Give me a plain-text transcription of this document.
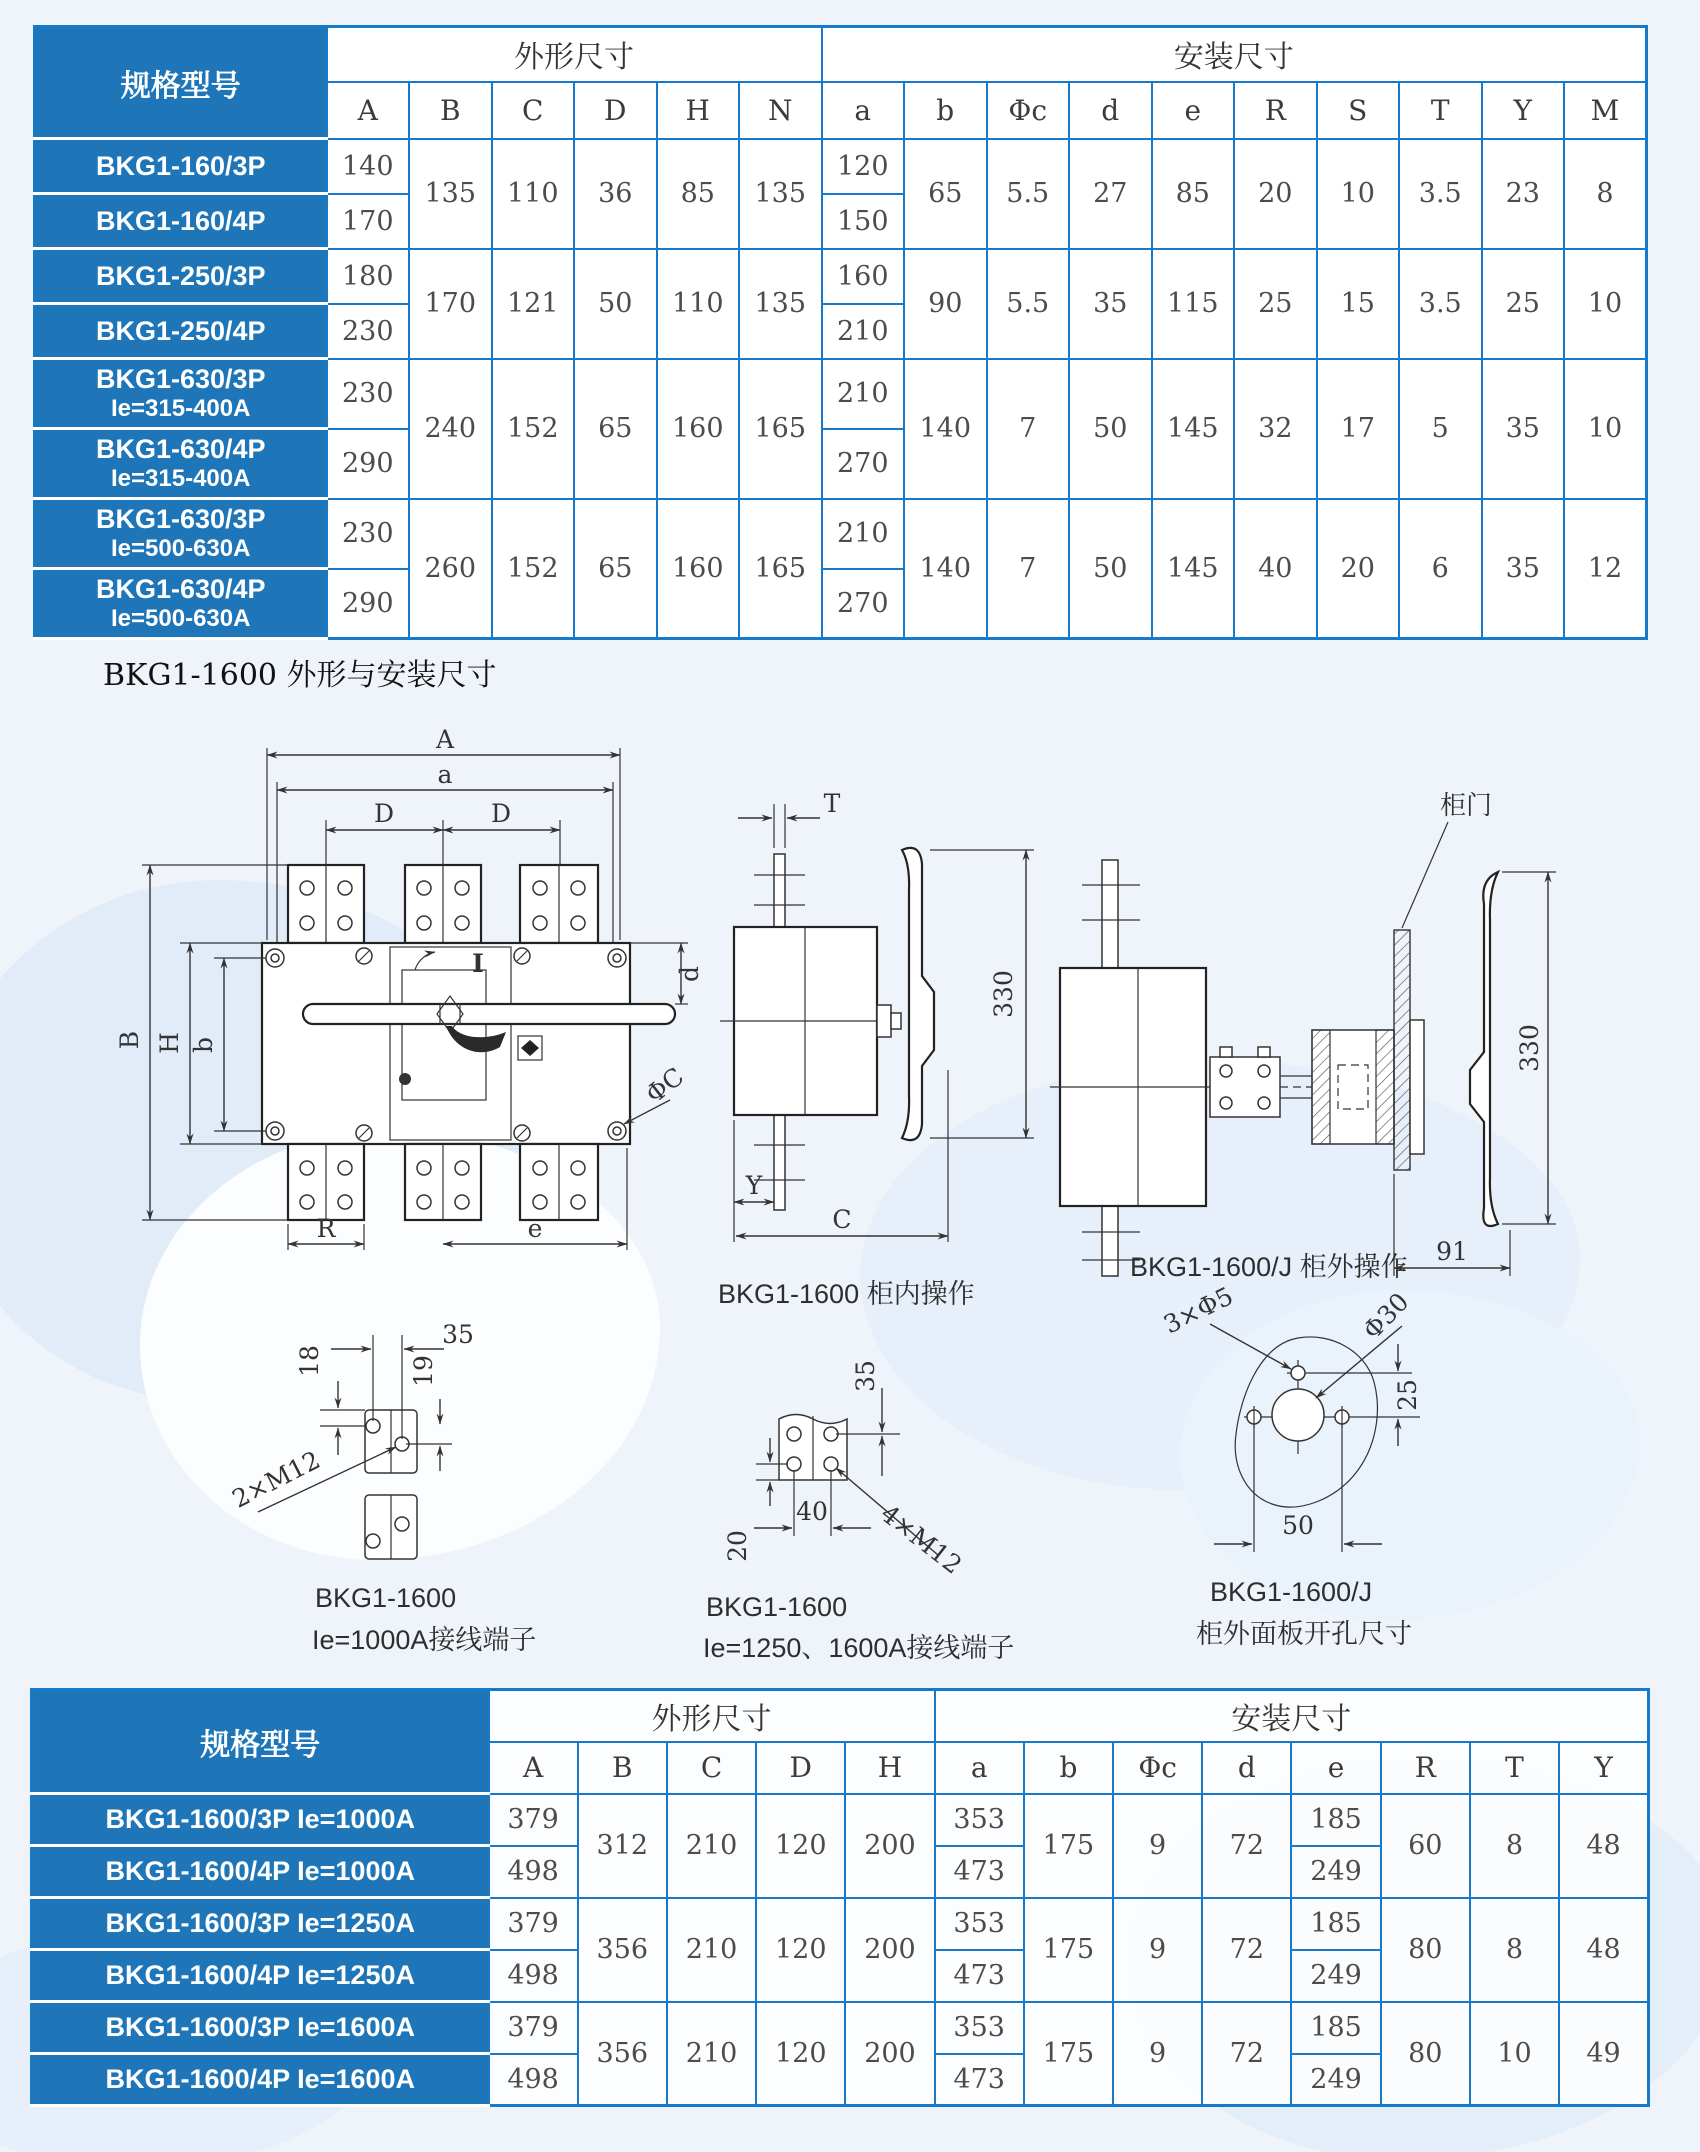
规格型号	外形尺寸						安装尺寸									
	A	B	C	D	H	N	a	b	Φc	d	e	R	S	T	Y	M

BKG1-160/3P	140	135	110	36	85	135	120	65	5.5	27	85	20	10	3.5	23	8

BKG1-160/4P	170						150									

BKG1-250/3P	180	170	121	50	110	135	160	90	5.5	35	115	25	15	3.5	25	10

BKG1-250/4P	230						210									

BKG1-630/3P
Ie=315-400A	230	240	152	65	160	165	210	140	7	50	145	32	17	5	35	10

BKG1-630/4P
Ie=315-400A	290						270									

BKG1-630/3P
Ie=500-630A	230	260	152	65	160	165	210	140	7	50	145	40	20	6	35	12

BKG1-630/4P
Ie=500-630A	290						270									
BKG1-1600 外形与安装尺寸
A
a
D	D
I
B H b
d
ΦC
R	e
T
330
Y
C
BKG1-1600 柜内操作
柜门
330
91
BKG1-1600/J 柜外操作
35
18	19
2×M12
BKG1-1600
Ie=1000A接线端子
35
20
40 4×M12
BKG1-1600
Ie=1250、1600A接线端子
3×Φ5	Φ30
25
50
BKG1-1600/J
柜外面板开孔尺寸
规格型号	外形尺寸					安装尺寸							
	A	B	C	D	H	a	b	Φc	d	e	R	T	Y

BKG1-1600/3P Ie=1000A	379	312	210	120	200	353	175	9	72	185	60	8	48

BKG1-1600/4P Ie=1000A	498					473				249			

BKG1-1600/3P Ie=1250A	379	356	210	120	200	353	175	9	72	185	80	8	48

BKG1-1600/4P Ie=1250A	498					473				249			

BKG1-1600/3P Ie=1600A	379	356	210	120	200	353	175	9	72	185	80	10	49

BKG1-1600/4P Ie=1600A	498					473				249			
